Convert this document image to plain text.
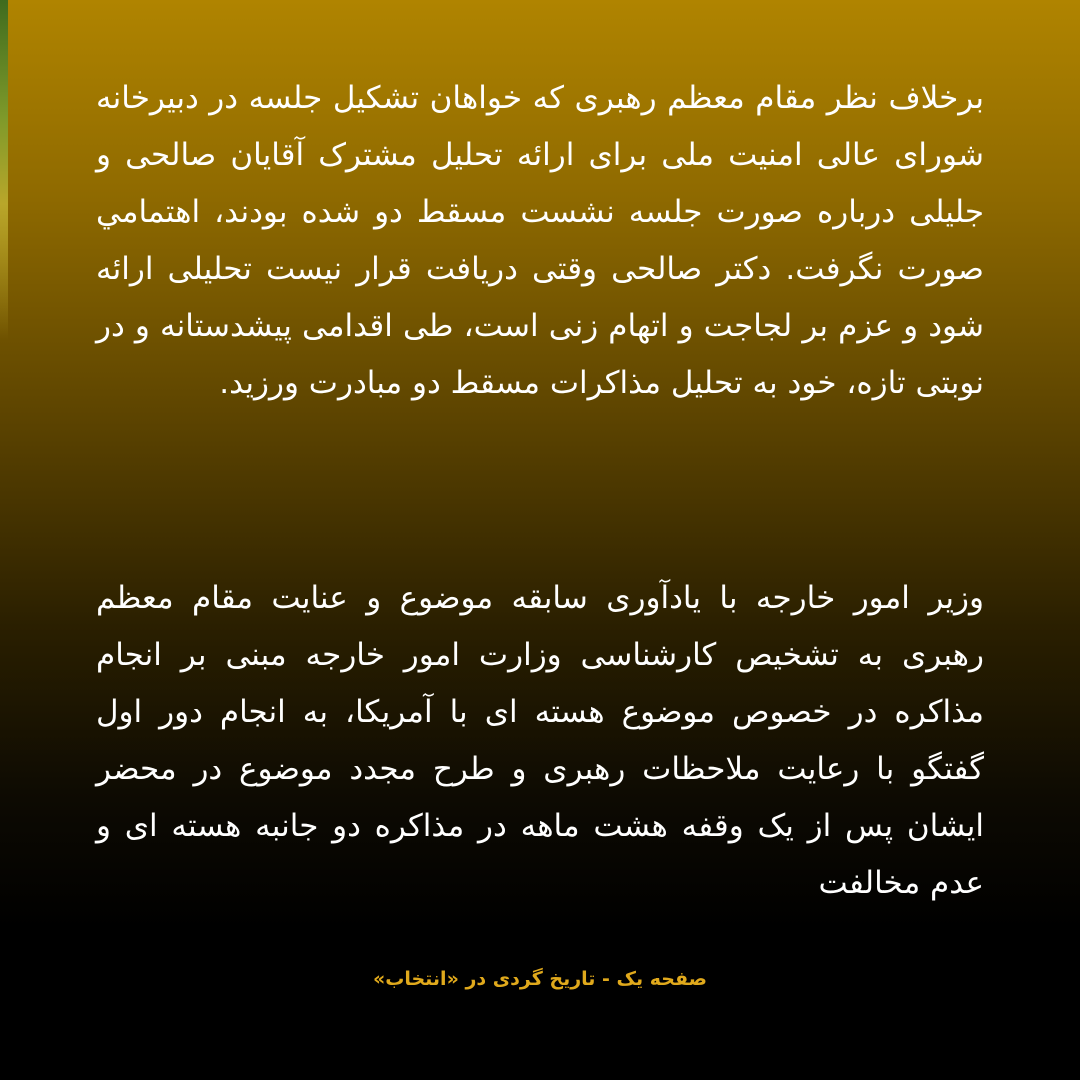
برخلاف نظر مقام معظم رهبری که خواهان تشکیل جلسه در دبیرخانه شورای عالی امنیت ملی برای ارائه تحلیل مشترک آقایان صالحی و جلیلی درباره صورت جلسه نشست مسقط دو شده بودند، اهتمامي صورت نگرفت. دکتر صالحی وقتی دریافت قرار نیست تحلیلی ارائه شود و عزم بر لجاجت و اتهام زنی است، طی اقدامی پیشدستانه و در نوبتی تازه، خود به تحلیل مذاکرات مسقط دو مبادرت ورزید.
وزیر امور خارجه با یادآوری سابقه موضوع و عنایت مقام معظم رهبری به تشخیص کارشناسی وزارت امور خارجه مبنی بر انجام مذاکره در خصوص موضوع هسته ای با آمریکا، به انجام دور اول گفتگو با رعایت ملاحظات رهبری و طرح مجدد موضوع در محضر ایشان پس از یک وقفه هشت ماهه در مذاکره دو جانبه هسته ای و عدم مخالفت
صفحه یک - تاریخ گردی در «انتخاب»
